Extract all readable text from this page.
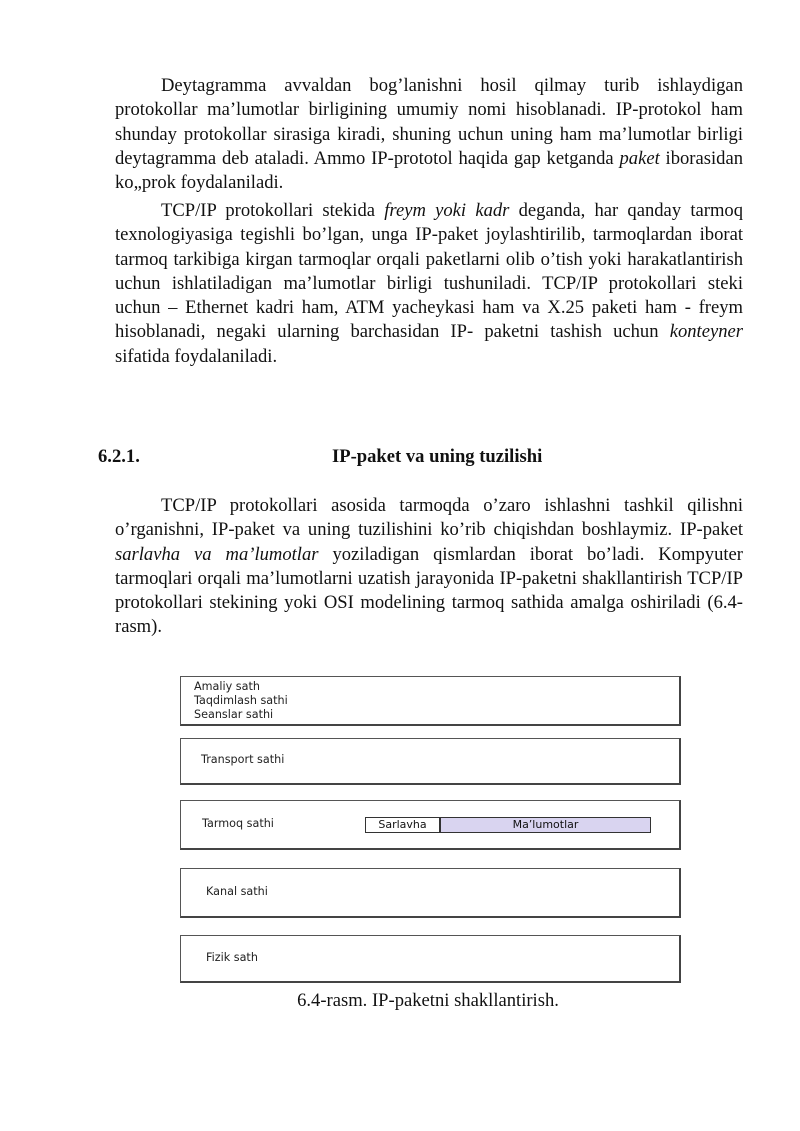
Deytagramma avvaldan bog’lanishni hosil qilmay turib ishlaydigan protokollar ma’lumotlar birligining umumiy nomi hisoblanadi. IP-protokol ham shunday protokollar sirasiga kiradi, shuning uchun uning ham ma’lumotlar birligi deytagramma deb ataladi. Ammo IP-prototol haqida gap ketganda paket iborasidan ko„prok foydalaniladi.

TCP/IP protokollari stekida freym yoki kadr deganda, har qanday tarmoq texnologiyasiga tegishli bo’lgan, unga IP-paket joylashtirilib, tarmoqlardan iborat tarmoq tarkibiga kirgan tarmoqlar orqali paketlarni olib o’tish yoki harakatlantirish uchun ishlatiladigan ma’lumotlar birligi tushuniladi. TCP/IP protokollari steki uchun – Ethernet kadri ham, ATM yacheykasi ham va X.25 paketi ham - freym hisoblanadi, negaki ularning barchasidan IP- paketni tashish uchun konteyner sifatida foydalaniladi.

6.2.1.	IP-paket va uning tuzilishi

TCP/IP protokollari asosida tarmoqda o’zaro ishlashni tashkil qilishni o’rganishni, IP-paket va uning tuzilishini ko’rib chiqishdan boshlaymiz. IP-paket sarlavha va ma’lumotlar yoziladigan qismlardan iborat bo’ladi. Kompyuter tarmoqlari orqali ma’lumotlarni uzatish jarayonida IP-paketni shakllantirish TCP/IP protokollari stekining yoki OSI modelining tarmoq sathida amalga oshiriladi (6.4-rasm).

Amaliy sath
Taqdimlash sathi
Seanslar sathi
Transport sathi
Tarmoq sathi	Sarlavha	Ma’lumotlar
Kanal sathi
Fizik sath
6.4-rasm. IP-paketni shakllantirish.
